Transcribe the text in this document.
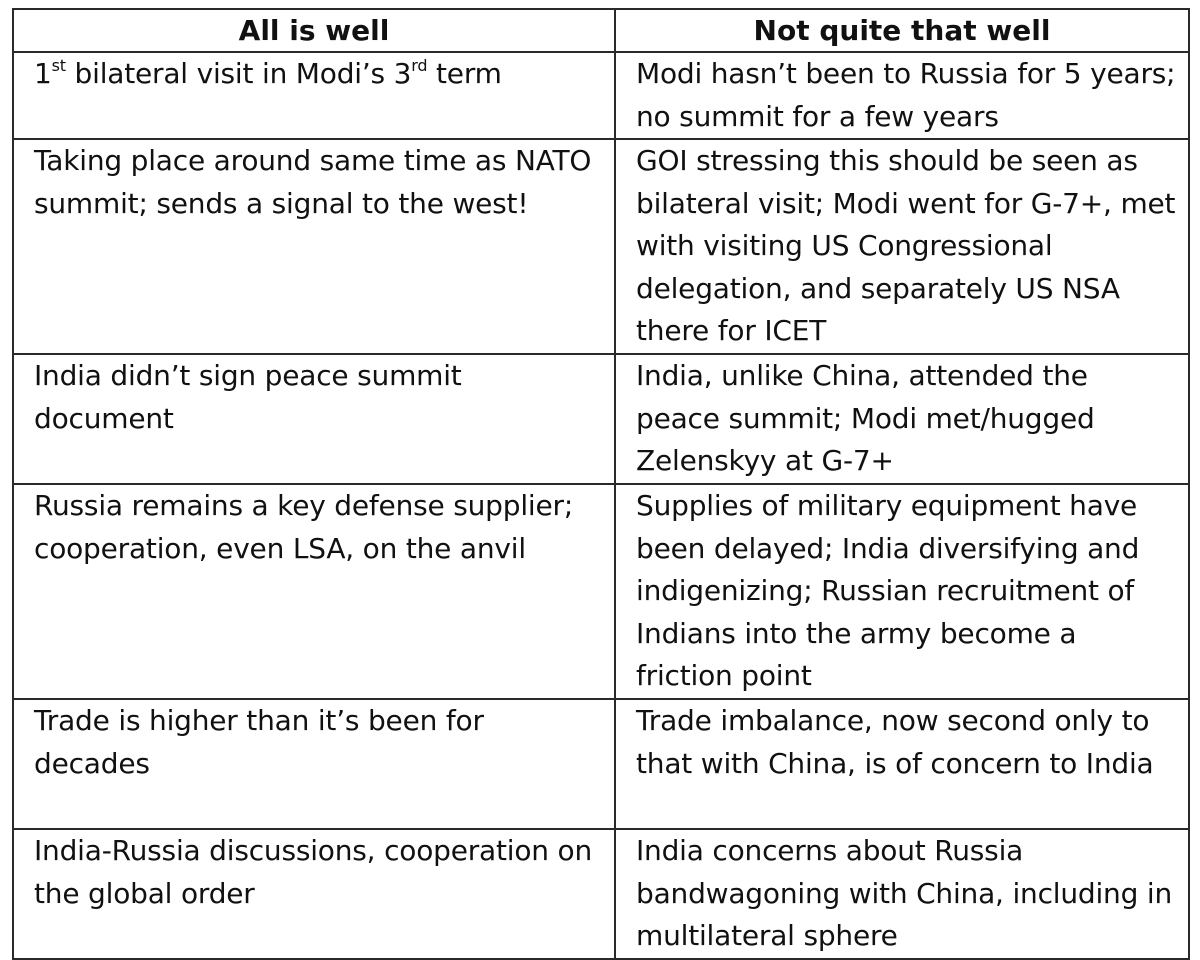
All is well	Not quite that well
1st bilateral visit in Modi’s 3rd term	Modi hasn’t been to Russia for 5 years; no summit for a few years
Taking place around same time as NATO summit; sends a signal to the west!	GOI stressing this should be seen as bilateral visit; Modi went for G-7+, met with visiting US Congressional delegation, and separately US NSA there for ICET
India didn’t sign peace summit document	India, unlike China, attended the peace summit; Modi met/hugged Zelenskyy at G-7+
Russia remains a key defense supplier; cooperation, even LSA, on the anvil	Supplies of military equipment have been delayed; India diversifying and indigenizing; Russian recruitment of Indians into the army become a friction point
Trade is higher than it’s been for decades	Trade imbalance, now second only to that with China, is of concern to India
India-Russia discussions, cooperation on the global order	India concerns about Russia bandwagoning with China, including in multilateral sphere
